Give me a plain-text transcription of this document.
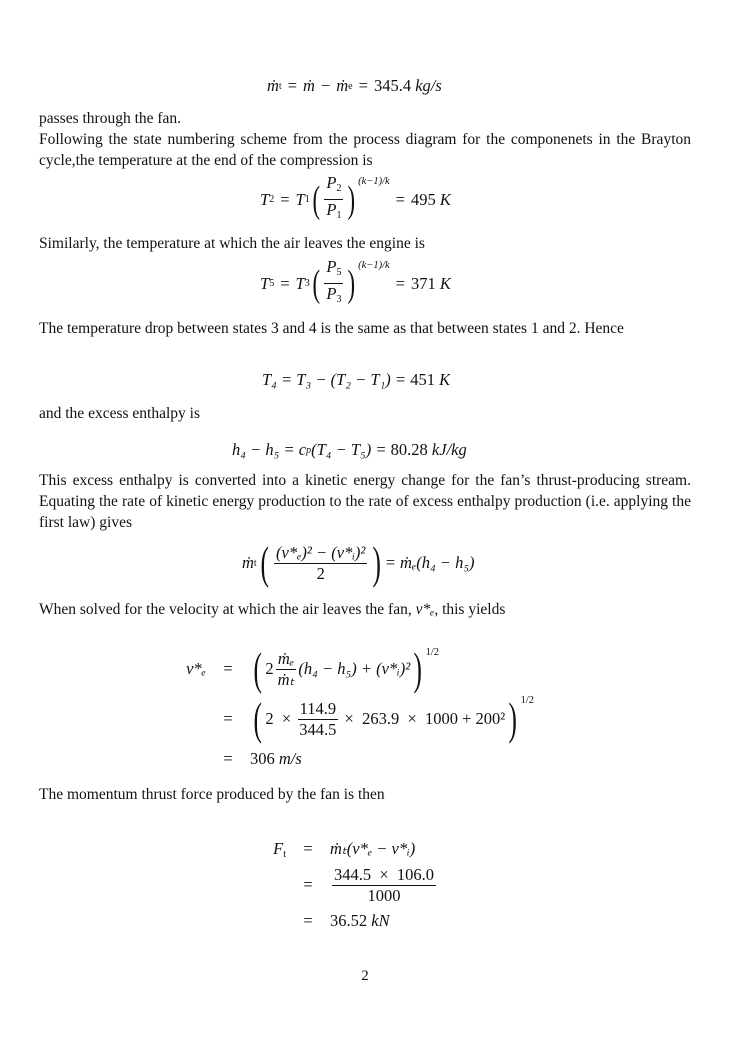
ṁ t = ṁ − ṁ e = 345.4
kg/s
passes through the fan.
Following the state numbering scheme from the process diagram for the componenets in the Brayton cycle,the temperature at the end of the compression is
T 2 = T 1 ( $\frac{P_2}{P_1}$ ) (k−1)/k
= 495
K
Similarly, the temperature at which the air leaves the engine is
T 5 = T 3 ( $\frac{P_5}{P_3}$ ) (k−1)/k
= 371
K
The temperature drop between states 3 and 4 is the same as that between states 1 and 2. Hence
T₄ = T₃ − (T₂ − T₁) =
451
K
and the excess enthalpy is
h₄ − h₅ = c p (T₄ − T₅) =
80.28
kJ/kg
This excess enthalpy is converted into a kinetic energy change for the fan’s thrust-producing stream. Equating the rate of kinetic energy production to the rate of excess enthalpy production (i.e. applying the first law) gives
ṁ t ( $\frac{\text{(v*ₑ)² − (v*ᵢ)²}}{2}$ ) = ṁₑ(h₄ − h₅)
When solved for the velocity at which the air leaves the fan, v*ₑ, this yields
v*ₑ	= ( $2 \frac{\text{ṁₑ}}{\text{ṁₜ}} (h_4 - h_5)$ + (v*ᵢ)² ) 1/2
= ( 2  ×
$\frac{114.9}{344.5}$
×  263.9  ×  1000 + 200² ) 1/2
=	306
m/s
The momentum thrust force produced by the fan is then
$F_t$	=	ṁₜ(v*ₑ − v*ᵢ)
=	$\frac{344.5 \times 106.0}{1000}$
=	36.52
kN
2
